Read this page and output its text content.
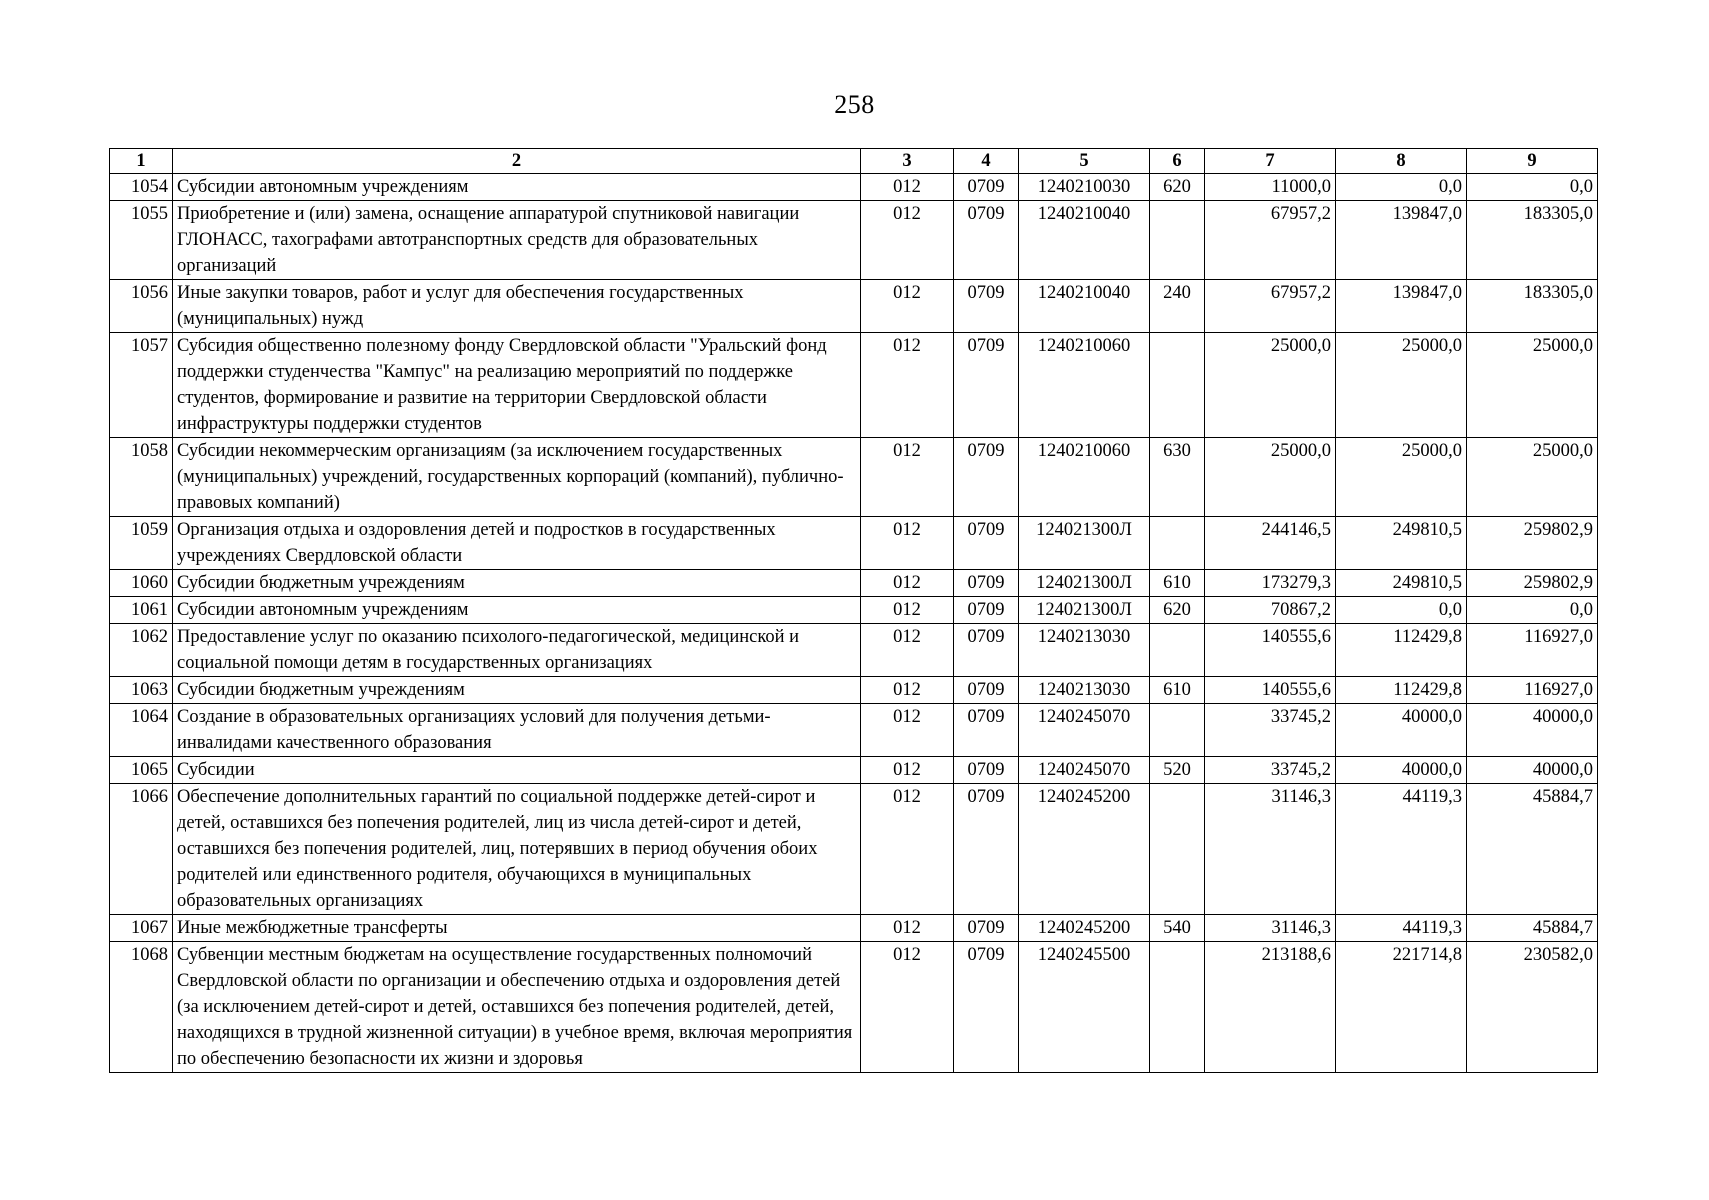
258
1	2	3	4	5	6	7	8	9
1054	Субсидии автономным учреждениям	012	0709	1240210030	620	11000,0	0,0	0,0
1055	Приобретение и (или) замена, оснащение аппаратурой спутниковой навигации ГЛОНАСС, тахографами автотранспортных средств для образовательных организаций	012	0709	1240210040		67957,2	139847,0	183305,0
1056	Иные закупки товаров, работ и услуг для обеспечения государственных (муниципальных) нужд	012	0709	1240210040	240	67957,2	139847,0	183305,0
1057	Субсидия общественно полезному фонду Свердловской области "Уральский фонд поддержки студенчества "Кампус" на реализацию мероприятий по поддержке студентов, формирование и развитие на территории Свердловской области инфраструктуры поддержки студентов	012	0709	1240210060		25000,0	25000,0	25000,0
1058	Субсидии некоммерческим организациям (за исключением государственных (муниципальных) учреждений, государственных корпораций (компаний), публично-правовых компаний)	012	0709	1240210060	630	25000,0	25000,0	25000,0
1059	Организация отдыха и оздоровления детей и подростков в государственных учреждениях Свердловской области	012	0709	124021300Л		244146,5	249810,5	259802,9
1060	Субсидии бюджетным учреждениям	012	0709	124021300Л	610	173279,3	249810,5	259802,9
1061	Субсидии автономным учреждениям	012	0709	124021300Л	620	70867,2	0,0	0,0
1062	Предоставление услуг по оказанию психолого-педагогической, медицинской и социальной помощи детям в государственных организациях	012	0709	1240213030		140555,6	112429,8	116927,0
1063	Субсидии бюджетным учреждениям	012	0709	1240213030	610	140555,6	112429,8	116927,0
1064	Создание в образовательных организациях условий для получения детьми-инвалидами качественного образования	012	0709	1240245070		33745,2	40000,0	40000,0
1065	Субсидии	012	0709	1240245070	520	33745,2	40000,0	40000,0
1066	Обеспечение дополнительных гарантий по социальной поддержке детей-сирот и детей, оставшихся без попечения родителей, лиц из числа детей-сирот и детей, оставшихся без попечения родителей, лиц, потерявших в период обучения обоих родителей или единственного родителя, обучающихся в муниципальных образовательных организациях	012	0709	1240245200		31146,3	44119,3	45884,7
1067	Иные межбюджетные трансферты	012	0709	1240245200	540	31146,3	44119,3	45884,7
1068	Субвенции местным бюджетам на осуществление государственных полномочий Свердловской области по организации и обеспечению отдыха и оздоровления детей (за исключением детей-сирот и детей, оставшихся без попечения родителей, детей, находящихся в трудной жизненной ситуации) в учебное время, включая мероприятия по обеспечению безопасности их жизни и здоровья	012	0709	1240245500		213188,6	221714,8	230582,0
